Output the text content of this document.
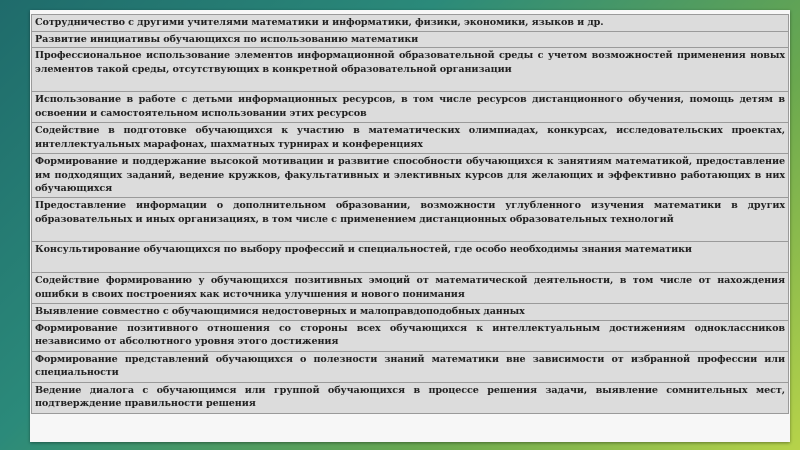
Сотрудничество с другими учителями математики и информатики, физики, экономики, языков и др.
Развитие инициативы обучающихся по использованию математики
Профессиональное использование элементов информационной образовательной среды с учетом возможностей применения новых элементов такой среды, отсутствующих в конкретной образовательной организации
Использование в работе с детьми информационных ресурсов, в том числе ресурсов дистанционного обучения, помощь детям в освоении и самостоятельном использовании этих ресурсов
Содействие в подготовке обучающихся к участию в математических олимпиадах, конкурсах, исследовательских проектах, интеллектуальных марафонах, шахматных турнирах и конференциях
Формирование и поддержание высокой мотивации и развитие способности обучающихся к занятиям математикой, предоставление им подходящих заданий, ведение кружков, факультативных и элективных курсов для желающих и эффективно работающих в них обучающихся
Предоставление информации о дополнительном образовании, возможности углубленного изучения математики в других образовательных и иных организациях, в том числе с применением дистанционных образовательных технологий
Консультирование обучающихся по выбору профессий и специальностей, где особо необходимы знания математики
Содействие формированию у обучающихся позитивных эмоций от математической деятельности, в том числе от нахождения ошибки в своих построениях как источника улучшения и нового понимания
Выявление совместно с обучающимися недостоверных и малоправдоподобных данных
Формирование позитивного отношения со стороны всех обучающихся к интеллектуальным достижениям одноклассников независимо от абсолютного уровня этого достижения
Формирование представлений обучающихся о полезности знаний математики вне зависимости от избранной профессии или специальности
Ведение диалога с обучающимся или группой обучающихся в процессе решения задачи, выявление сомнительных мест, подтверждение правильности решения
